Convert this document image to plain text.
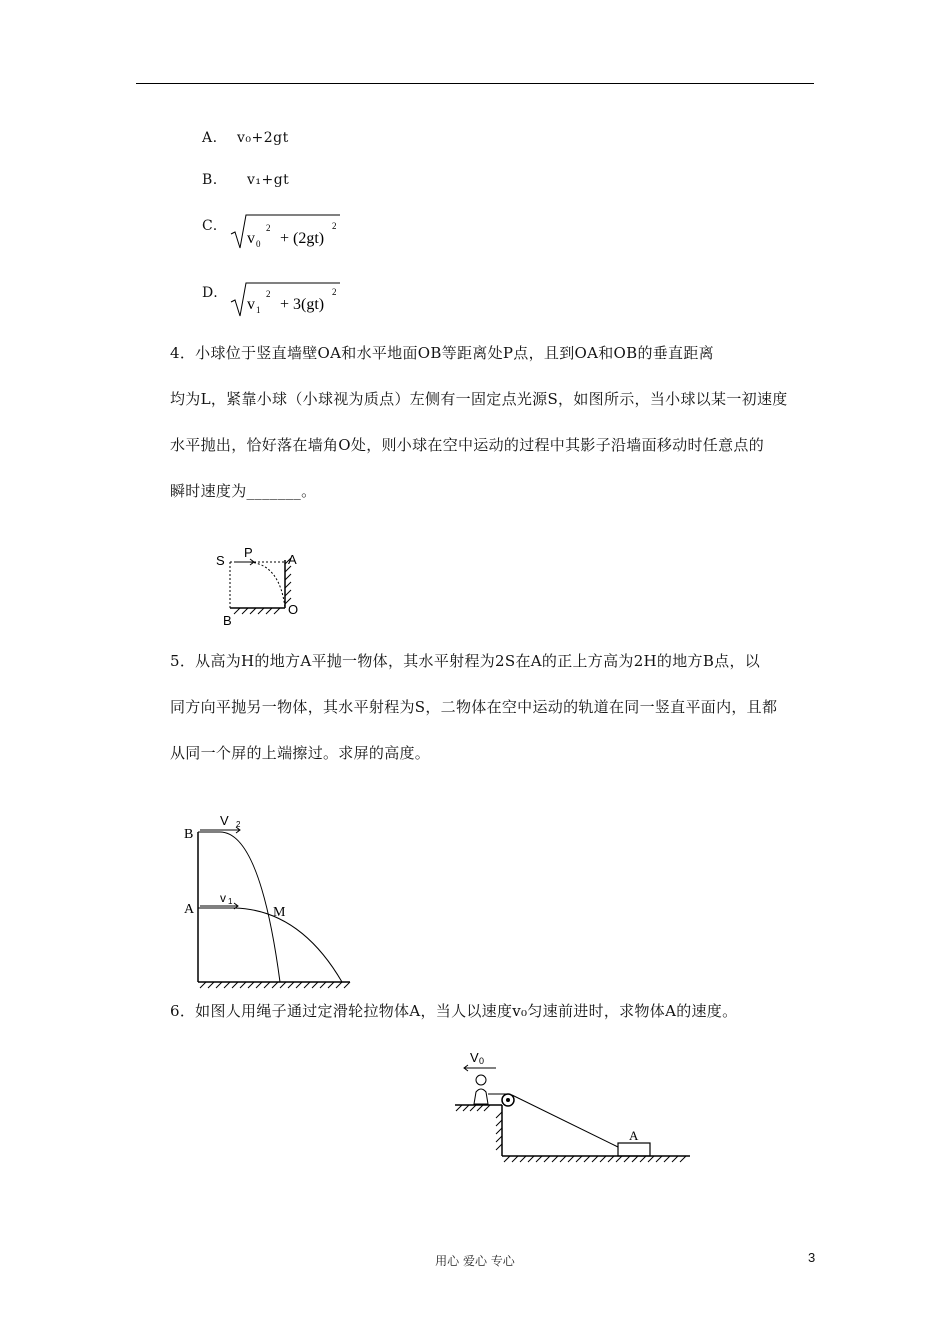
A. v₀+2gt
B. v₁+gt
C.
v 0
2
+ (2gt)
2
D.
v 1
2
+ 3(gt)
2

4．小球位于竖直墙壁OA和水平地面OB等距离处P点，且到OA和OB的垂直距离

均为L，紧靠小球（小球视为质点）左侧有一固定点光源S，如图所示，当小球以某一初速度

水平抛出，恰好落在墙角O处，则小球在空中运动的过程中其影子沿墙面移动时任意点的

瞬时速度为_______。

S
P	A
B
O

5．从高为H的地方A平抛一物体，其水平射程为2S在A的正上方高为2H的地方B点，以

同方向平抛另一物体，其水平射程为S，二物体在空中运动的轨道在同一竖直平面内，且都

从同一个屏的上端擦过。求屏的高度。

B
A	M
V 2
v 1

6．如图人用绳子通过定滑轮拉物体A，当人以速度v₀匀速前进时，求物体A的速度。

V 0
A
用心 爱心 专心	3
